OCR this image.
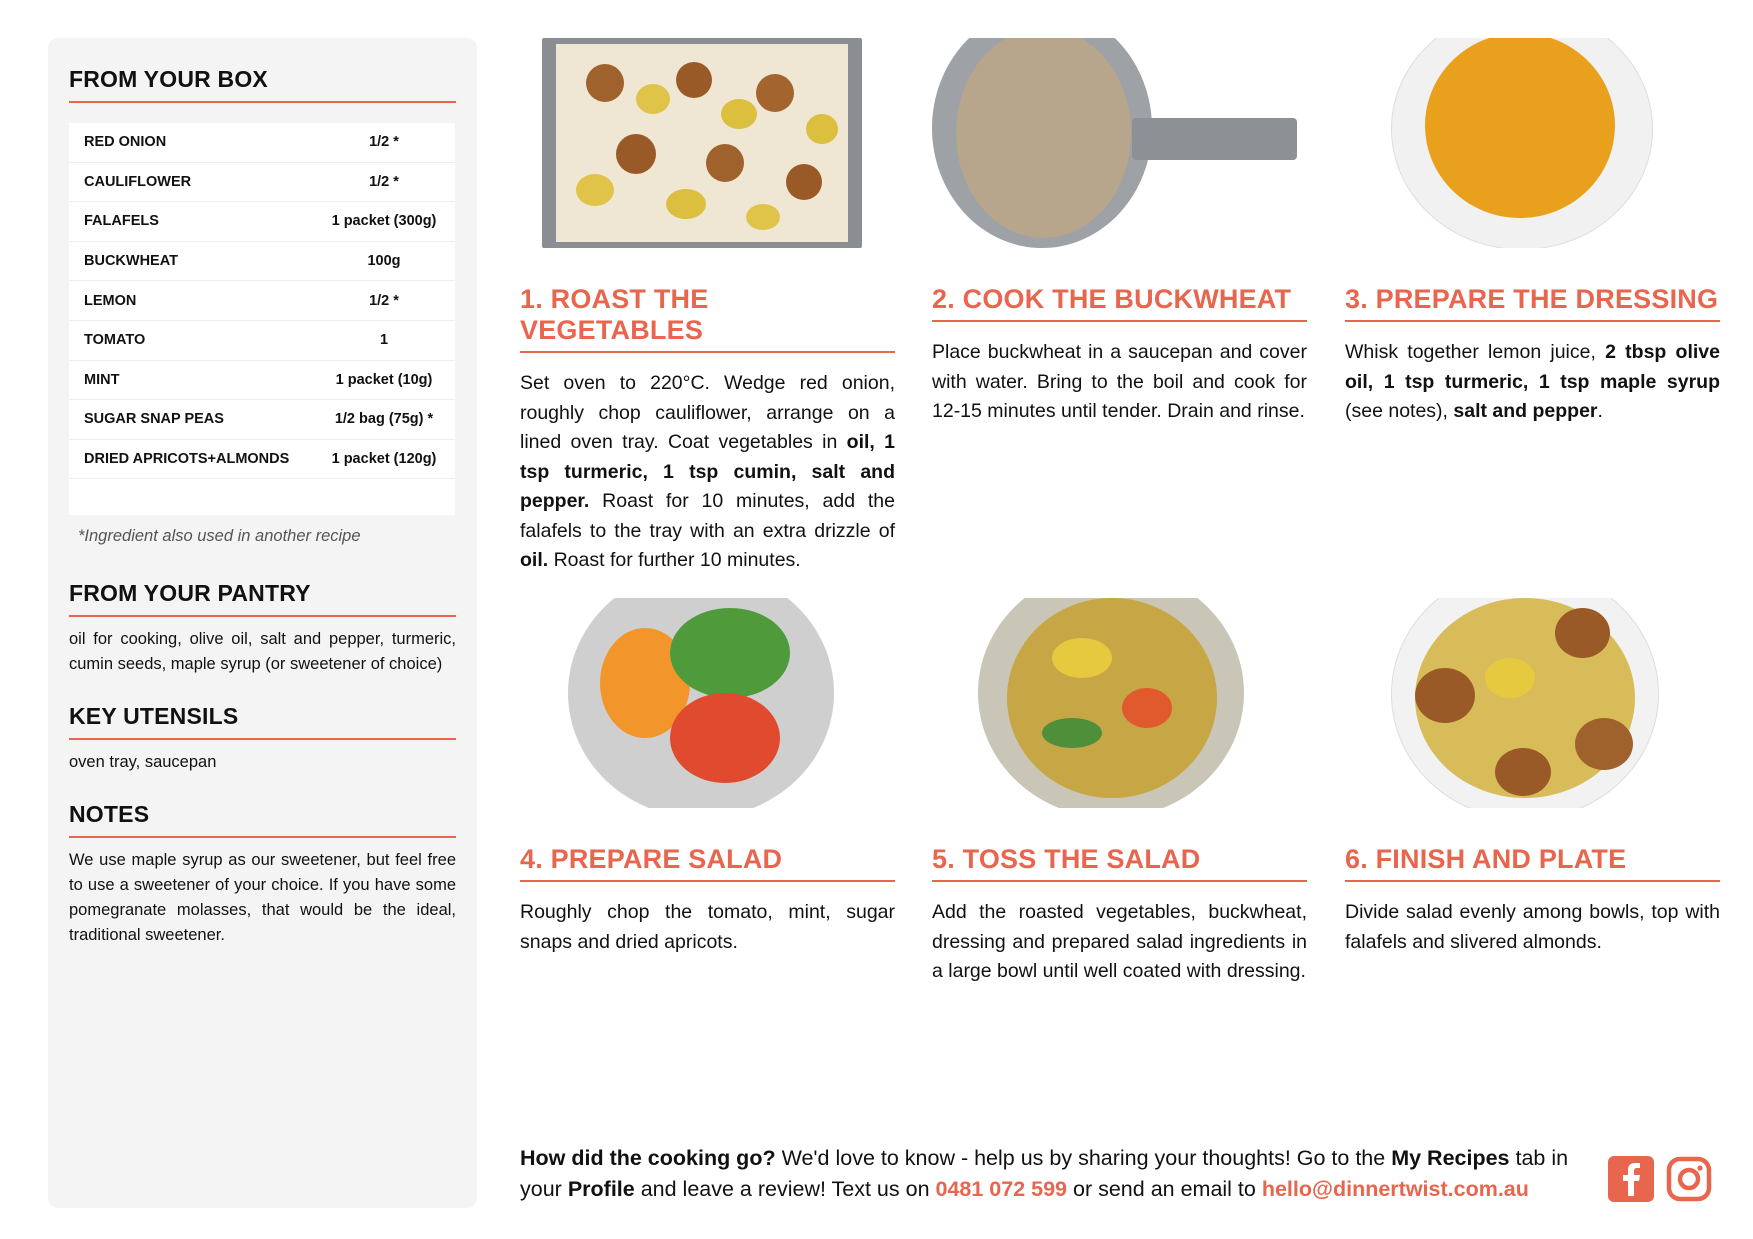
FROM YOUR BOX
RED ONION	1/2 *
CAULIFLOWER	1/2 *
FALAFELS	1 packet (300g)
BUCKWHEAT	100g
LEMON	1/2 *
TOMATO	1
MINT	1 packet (10g)
SUGAR SNAP PEAS	1/2 bag (75g) *
DRIED APRICOTS+ALMONDS	1 packet (120g)
*Ingredient also used in another recipe
FROM YOUR PANTRY
oil for cooking, olive oil, salt and pepper, turmeric, cumin seeds, maple syrup (or sweetener of choice)
KEY UTENSILS
oven tray, saucepan
NOTES
We use maple syrup as our sweetener, but feel free to use a sweetener of your choice. If you have some pomegranate molasses, that would be the ideal, traditional sweetener.
1. ROAST THE VEGETABLES
Set oven to 220°C. Wedge red onion, roughly chop cauliflower, arrange on a lined oven tray. Coat vegetables in oil, 1 tsp turmeric, 1 tsp cumin, salt and pepper. Roast for 10 minutes, add the falafels to the tray with an extra drizzle of oil. Roast for further 10 minutes.
2. COOK THE BUCKWHEAT
Place buckwheat in a saucepan and cover with water. Bring to the boil and cook for 12-15 minutes until tender. Drain and rinse.
3. PREPARE THE DRESSING
Whisk together lemon juice, 2 tbsp olive oil, 1 tsp turmeric, 1 tsp maple syrup (see notes), salt and pepper.
4. PREPARE SALAD
Roughly chop the tomato, mint, sugar snaps and dried apricots.
5. TOSS THE SALAD
Add the roasted vegetables, buckwheat, dressing and prepared salad ingredients in a large bowl until well coated with dressing.
6. FINISH AND PLATE
Divide salad evenly among bowls, top with falafels and slivered almonds.
How did the cooking go? We'd love to know - help us by sharing your thoughts! Go to the My Recipes tab in your Profile and leave a review! Text us on 0481 072 599 or send an email to hello@dinnertwist.com.au
